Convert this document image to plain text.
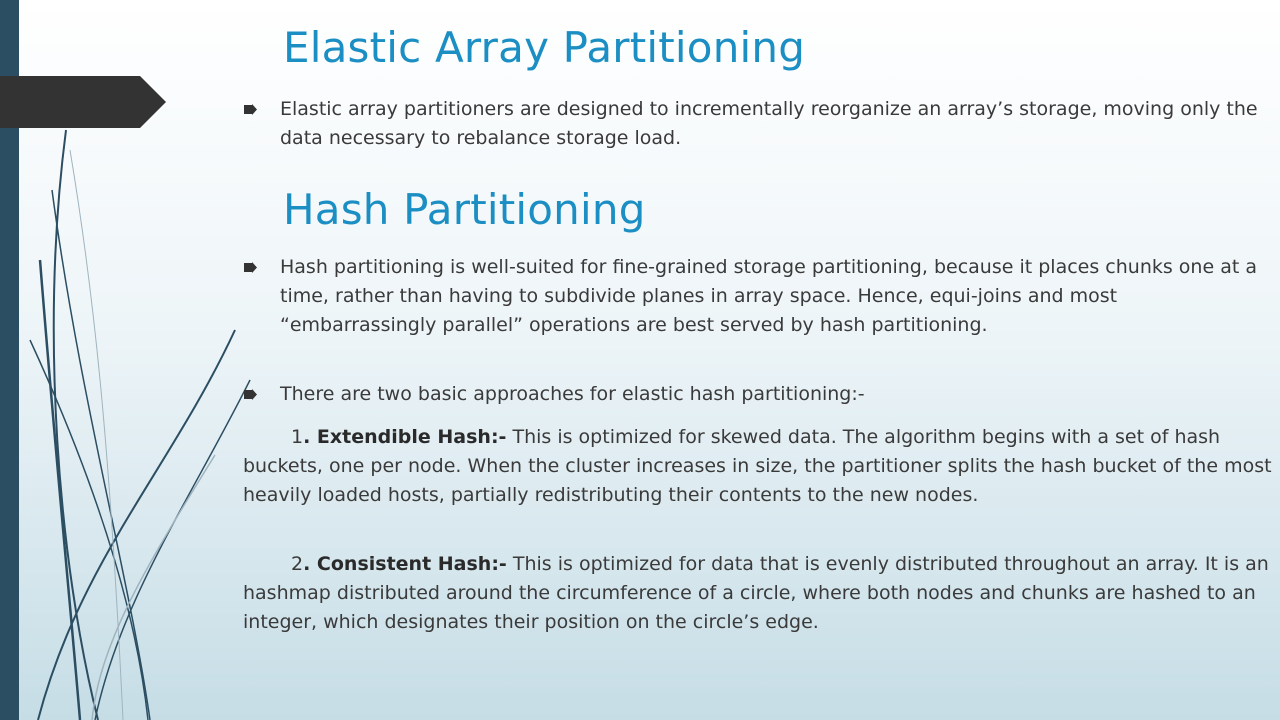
Elastic Array Partitioning

Elastic array partitioners are designed to incrementally reorganize an array’s storage, moving only the data necessary to rebalance storage load.

Hash Partitioning

Hash partitioning is well-suited for fine-grained storage partitioning, because it places chunks one at a time, rather than having to subdivide planes in array space. Hence, equi-joins and most “embarrassingly parallel” operations are best served by hash partitioning.

There are two basic approaches for elastic hash partitioning:-

1. Extendible Hash:- This is optimized for skewed data. The algorithm begins with a set of hash buckets, one per node. When the cluster increases in size, the partitioner splits the hash bucket of the most heavily loaded hosts, partially redistributing their contents to the new nodes.

2. Consistent Hash:- This is optimized for data that is evenly distributed throughout an array. It is an hashmap distributed around the circumference of a circle, where both nodes and chunks are hashed to an integer, which designates their position on the circle’s edge.
